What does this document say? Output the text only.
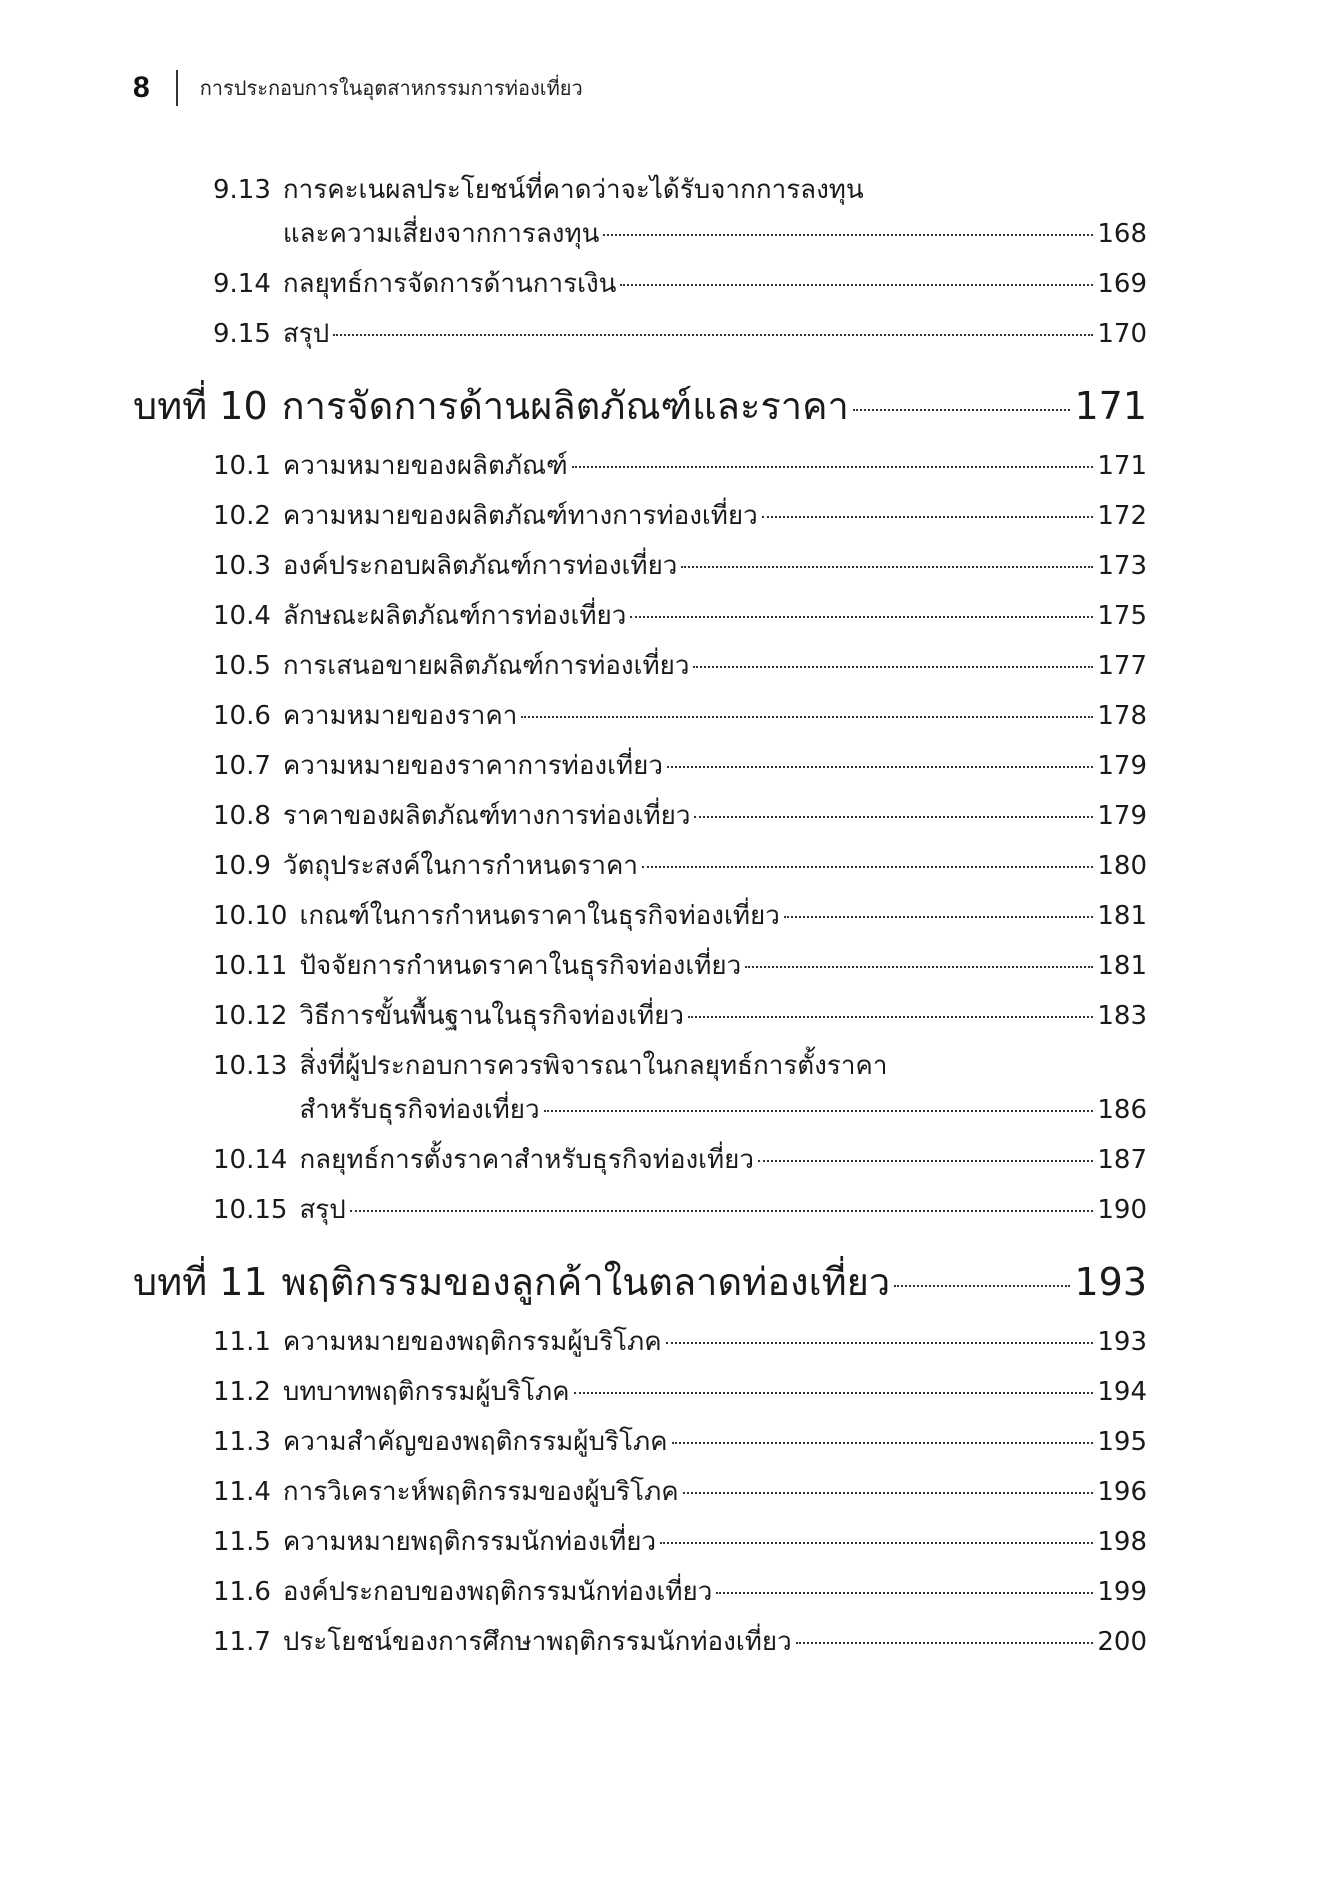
8	การประกอบการในอุตสาหกรรมการท่องเที่ยว
9.13 การคะเนผลประโยชน์ที่คาดว่าจะได้รับจากการลงทุน
และความเสี่ยงจากการลงทุน	168
9.14 กลยุทธ์การจัดการด้านการเงิน	169
9.15 สรุป	170
บทที่ 10 การจัดการด้านผลิตภัณฑ์และราคา	171
10.1 ความหมายของผลิตภัณฑ์	171
10.2 ความหมายของผลิตภัณฑ์ทางการท่องเที่ยว	172
10.3 องค์ประกอบผลิตภัณฑ์การท่องเที่ยว	173
10.4 ลักษณะผลิตภัณฑ์การท่องเที่ยว	175
10.5 การเสนอขายผลิตภัณฑ์การท่องเที่ยว	177
10.6 ความหมายของราคา	178
10.7 ความหมายของราคาการท่องเที่ยว	179
10.8 ราคาของผลิตภัณฑ์ทางการท่องเที่ยว	179
10.9 วัตถุประสงค์ในการกำหนดราคา	180
10.10 เกณฑ์ในการกำหนดราคาในธุรกิจท่องเที่ยว	181
10.11 ปัจจัยการกำหนดราคาในธุรกิจท่องเที่ยว	181
10.12 วิธีการขั้นพื้นฐานในธุรกิจท่องเที่ยว	183
10.13 สิ่งที่ผู้ประกอบการควรพิจารณาในกลยุทธ์การตั้งราคา
สำหรับธุรกิจท่องเที่ยว	186
10.14 กลยุทธ์การตั้งราคาสำหรับธุรกิจท่องเที่ยว	187
10.15 สรุป	190
บทที่ 11 พฤติกรรมของลูกค้าในตลาดท่องเที่ยว	193
11.1 ความหมายของพฤติกรรมผู้บริโภค	193
11.2 บทบาทพฤติกรรมผู้บริโภค	194
11.3 ความสำคัญของพฤติกรรมผู้บริโภค	195
11.4 การวิเคราะห์พฤติกรรมของผู้บริโภค	196
11.5 ความหมายพฤติกรรมนักท่องเที่ยว	198
11.6 องค์ประกอบของพฤติกรรมนักท่องเที่ยว	199
11.7 ประโยชน์ของการศึกษาพฤติกรรมนักท่องเที่ยว	200
